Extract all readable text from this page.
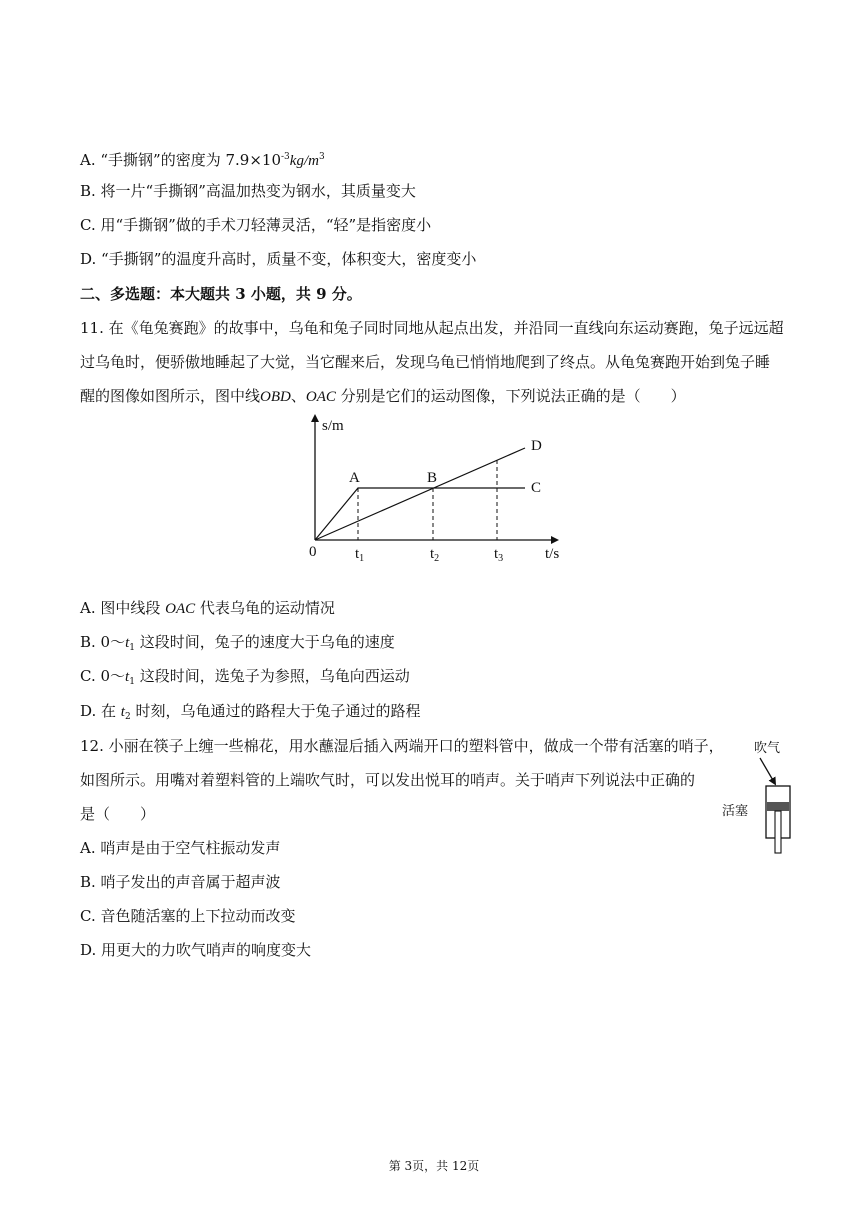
A. “手撕钢”的密度为 $7.9\times 10^{-3}kg/m^3$
B. 将一片“手撕钢”高温加热变为钢水，其质量变大
C. 用“手撕钢”做的手术刀轻薄灵活，“轻”是指密度小
D. “手撕钢”的温度升高时，质量不变，体积变大，密度变小
二、多选题：本大题共 3 小题，共 9 分。
11. 在《龟兔赛跑》的故事中，乌龟和兔子同时同地从起点出发，并沿同一直线向东运动赛跑，兔子远远超
过乌龟时，便骄傲地睡起了大觉，当它醒来后，发现乌龟已悄悄地爬到了终点。从龟兔赛跑开始到兔子睡
醒的图像如图所示，图中线OBD、OAC 分别是它们的运动图像，下列说法正确的是（　　）
s/m
t/s
0
A	B
C
D
$t_1$	$t_2$	$t_3$
A. 图中线段 OAC 代表乌龟的运动情况
B. $0\sim t_1$ 这段时间，兔子的速度大于乌龟的速度
C. $0\sim t_1$ 这段时间，选兔子为参照，乌龟向西运动
D. 在 $t_2$ 时刻，乌龟通过的路程大于兔子通过的路程
12. 小丽在筷子上缠一些棉花，用水蘸湿后插入两端开口的塑料管中，做成一个带有活塞的哨子，
如图所示。用嘴对着塑料管的上端吹气时，可以发出悦耳的哨声。关于哨声下列说法中正确的
是（　　）
吹气
活塞
A. 哨声是由于空气柱振动发声
B. 哨子发出的声音属于超声波
C. 音色随活塞的上下拉动而改变
D. 用更大的力吹气哨声的响度变大
第 3页，共 12页
